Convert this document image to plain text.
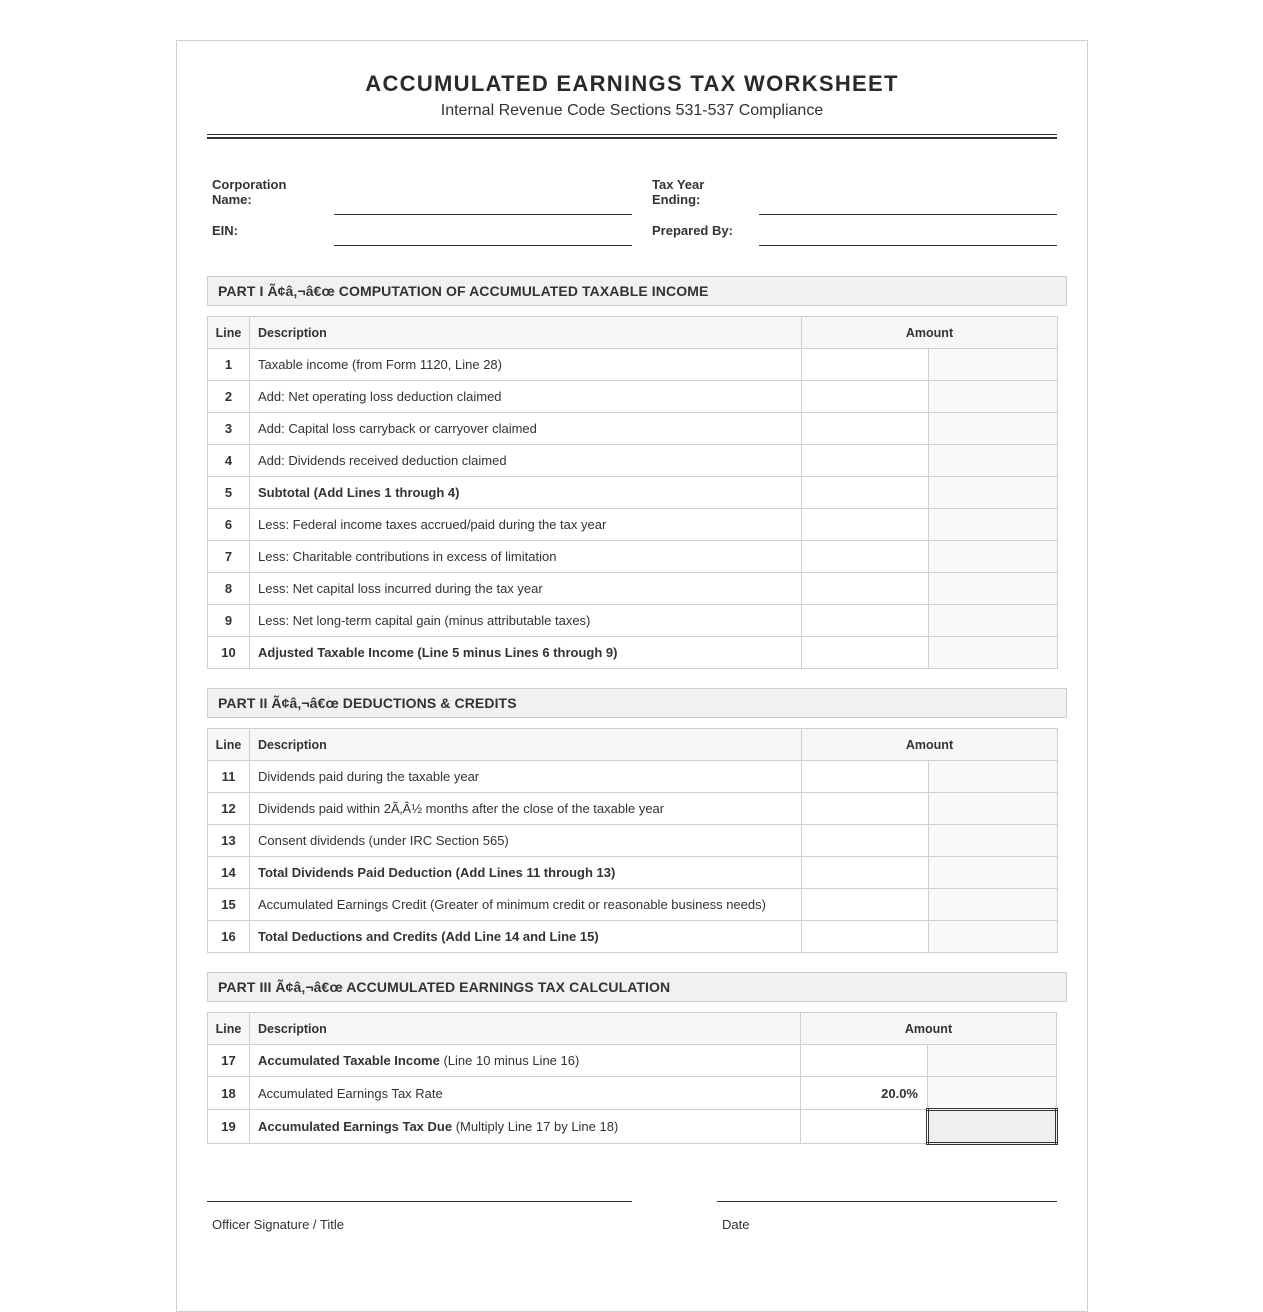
ACCUMULATED EARNINGS TAX WORKSHEET
Internal Revenue Code Sections 531-537 Compliance
Corporation
Name:
Tax Year
Ending:
EIN:	Prepared By:
PART I Ã¢â‚¬â€œ COMPUTATION OF ACCUMULATED TAXABLE INCOME
Line	Description	Amount	
1	Taxable income (from Form 1120, Line 28)		
2	Add: Net operating loss deduction claimed		
3	Add: Capital loss carryback or carryover claimed		
4	Add: Dividends received deduction claimed		
5	Subtotal (Add Lines 1 through 4)		
6	Less: Federal income taxes accrued/paid during the tax year		
7	Less: Charitable contributions in excess of limitation		
8	Less: Net capital loss incurred during the tax year		
9	Less: Net long-term capital gain (minus attributable taxes)		
10	Adjusted Taxable Income (Line 5 minus Lines 6 through 9)		
PART II Ã¢â‚¬â€œ DEDUCTIONS & CREDITS
Line	Description	Amount	
11	Dividends paid during the taxable year		
12	Dividends paid within 2Ã‚Â½ months after the close of the taxable year		
13	Consent dividends (under IRC Section 565)		
14	Total Dividends Paid Deduction (Add Lines 11 through 13)		
15	Accumulated Earnings Credit (Greater of minimum credit or reasonable business needs)		
16	Total Deductions and Credits (Add Line 14 and Line 15)		
PART III Ã¢â‚¬â€œ ACCUMULATED EARNINGS TAX CALCULATION
Line	Description	Amount	
17	Accumulated Taxable Income (Line 10 minus Line 16)		
18	Accumulated Earnings Tax Rate	20.0%	
19	Accumulated Earnings Tax Due (Multiply Line 17 by Line 18)		
Officer Signature / Title	Date
